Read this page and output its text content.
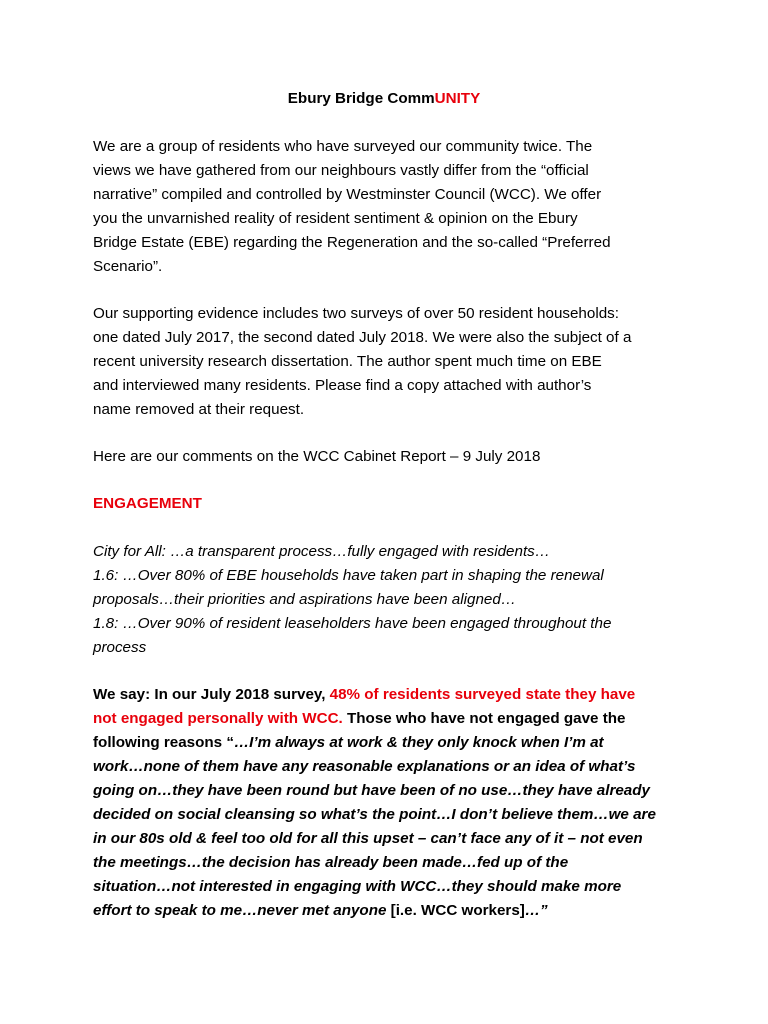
Ebury Bridge CommUNITY
We are a group of residents who have surveyed our community twice. The
views we have gathered from our neighbours vastly differ from the “official
narrative” compiled and controlled by Westminster Council (WCC). We offer
you the unvarnished reality of resident sentiment & opinion on the Ebury
Bridge Estate (EBE) regarding the Regeneration and the so-called “Preferred
Scenario”.
Our supporting evidence includes two surveys of over 50 resident households:
one dated July 2017, the second dated July 2018. We were also the subject of a
recent university research dissertation. The author spent much time on EBE
and interviewed many residents. Please find a copy attached with author’s
name removed at their request.
Here are our comments on the WCC Cabinet Report – 9 July 2018
ENGAGEMENT
City for All: …a transparent process…fully engaged with residents…
1.6: …Over 80% of EBE households have taken part in shaping the renewal
proposals…their priorities and aspirations have been aligned…
1.8: …Over 90% of resident leaseholders have been engaged throughout the
process
We say: In our July 2018 survey, 48% of residents surveyed state they have
not engaged personally with WCC. Those who have not engaged gave the
following reasons “…I’m always at work & they only knock when I’m at
work…none of them have any reasonable explanations or an idea of what’s
going on…they have been round but have been of no use…they have already
decided on social cleansing so what’s the point…I don’t believe them…we are
in our 80s old & feel too old for all this upset – can’t face any of it – not even
the meetings…the decision has already been made…fed up of the
situation…not interested in engaging with WCC…they should make more
effort to speak to me…never met anyone [i.e. WCC workers]…”
